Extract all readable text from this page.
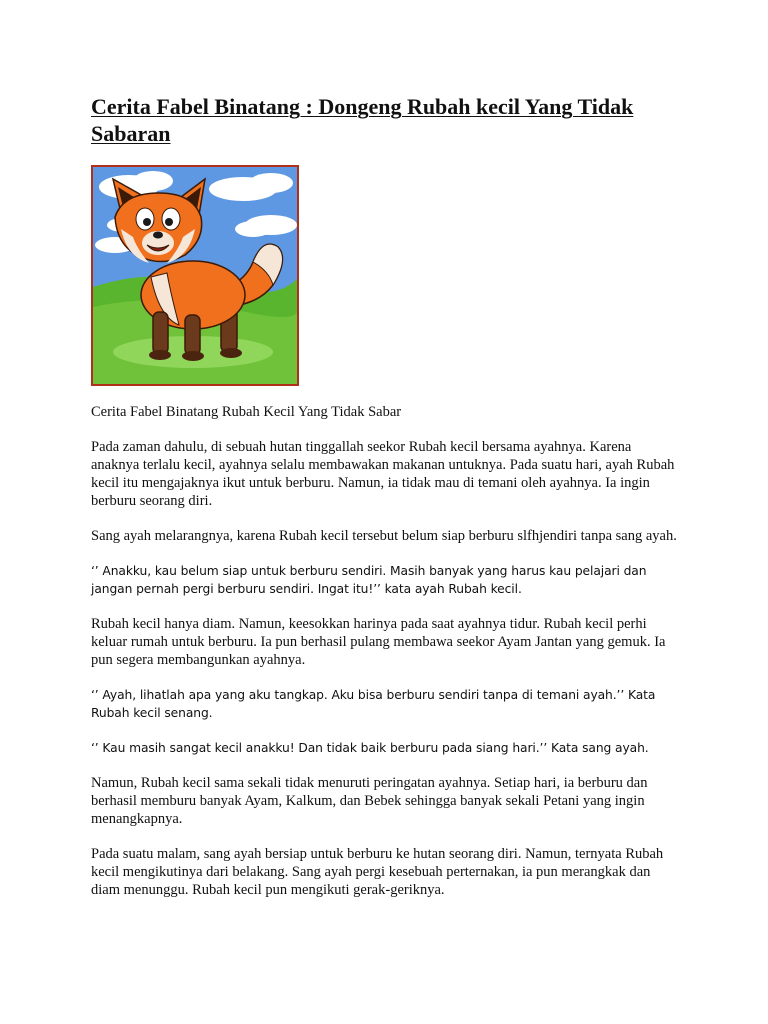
Cerita Fabel Binatang : Dongeng Rubah kecil Yang Tidak Sabaran

Cerita Fabel Binatang Rubah Kecil Yang Tidak Sabar

Pada zaman dahulu, di sebuah hutan tinggallah seekor Rubah kecil bersama ayahnya. Karena anaknya terlalu kecil, ayahnya selalu membawakan makanan untuknya. Pada suatu hari, ayah Rubah kecil itu mengajaknya ikut untuk berburu. Namun, ia tidak mau di temani oleh ayahnya. Ia ingin berburu seorang diri.

Sang ayah melarangnya, karena Rubah kecil tersebut belum siap berburu slfhjendiri tanpa sang ayah.

‘’ Anakku, kau belum siap untuk berburu sendiri. Masih banyak yang harus kau pelajari dan jangan pernah pergi berburu sendiri. Ingat itu!’’ kata ayah Rubah kecil.

Rubah kecil hanya diam. Namun, keesokkan harinya pada saat ayahnya tidur. Rubah kecil perhi keluar rumah untuk berburu. Ia pun berhasil pulang membawa seekor Ayam Jantan yang gemuk. Ia pun segera membangunkan ayahnya.

‘’ Ayah, lihatlah apa yang aku tangkap. Aku bisa berburu sendiri tanpa di temani ayah.’’ Kata Rubah kecil senang.

‘’ Kau masih sangat kecil anakku! Dan tidak baik berburu pada siang hari.’’ Kata sang ayah.

Namun, Rubah kecil sama sekali tidak menuruti peringatan ayahnya. Setiap hari, ia berburu dan berhasil memburu banyak Ayam, Kalkum, dan Bebek sehingga banyak sekali Petani yang ingin menangkapnya.

Pada suatu malam, sang ayah bersiap untuk berburu ke hutan seorang diri. Namun, ternyata Rubah kecil mengikutinya dari belakang. Sang ayah pergi kesebuah perternakan, ia pun merangkak dan diam menunggu. Rubah kecil pun mengikuti gerak-geriknya.
